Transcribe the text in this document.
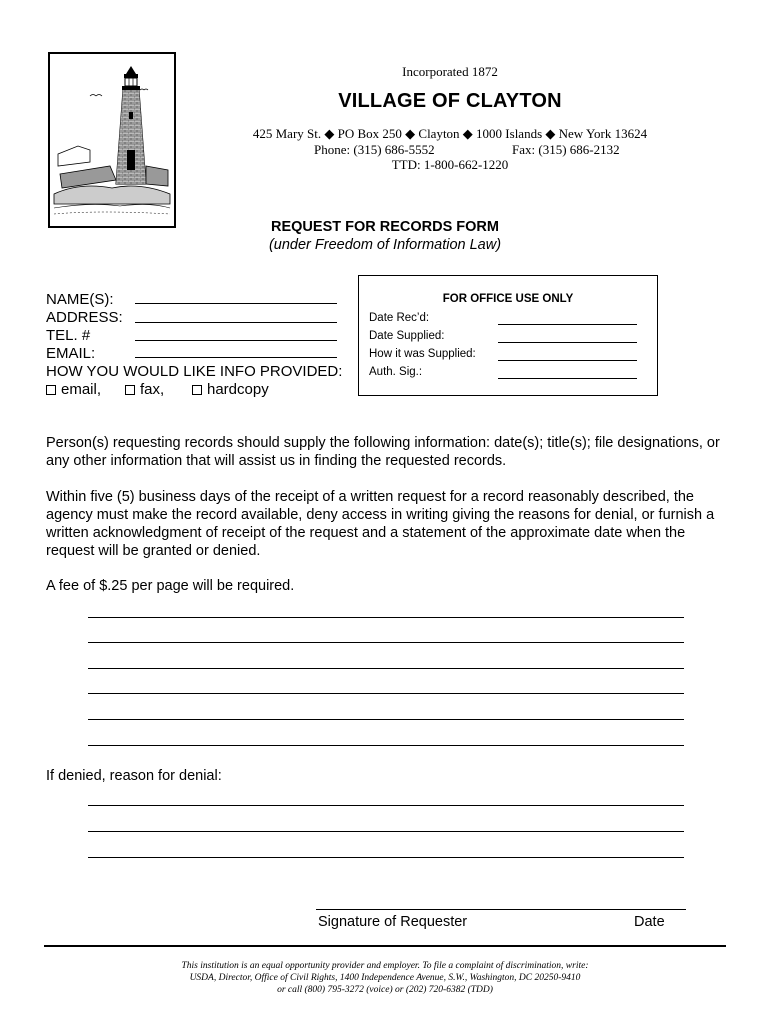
Incorporated 1872
VILLAGE OF CLAYTON
425 Mary St. ◆ PO Box 250 ◆ Clayton ◆ 1000 Islands ◆ New York 13624
Phone: (315) 686-5552	Fax: (315) 686-2132
TTD: 1-800-662-1220
REQUEST FOR RECORDS FORM
(under Freedom of Information Law)
NAME(S):
ADDRESS:
TEL. #
EMAIL:
HOW YOU WOULD LIKE INFO PROVIDED:
email,	fax,	hardcopy
FOR OFFICE USE ONLY
Date Rec’d:
Date Supplied:
How it was Supplied:
Auth. Sig.:
Person(s) requesting records should supply the following information: date(s); title(s); file designations, or any other information that will assist us in finding the requested records.
Within five (5) business days of the receipt of a written request for a record reasonably described, the agency must make the record available, deny access in writing giving the reasons for denial, or furnish a written acknowledgment of receipt of the request and a statement of the approximate date when the request will be granted or denied.
A fee of $.25 per page will be required.
If denied, reason for denial:
Signature of Requester	Date
This institution is an equal opportunity provider and employer. To file a complaint of discrimination, write:
USDA, Director, Office of Civil Rights, 1400 Independence Avenue, S.W., Washington, DC 20250-9410
or call (800) 795-3272 (voice) or (202) 720-6382 (TDD)
